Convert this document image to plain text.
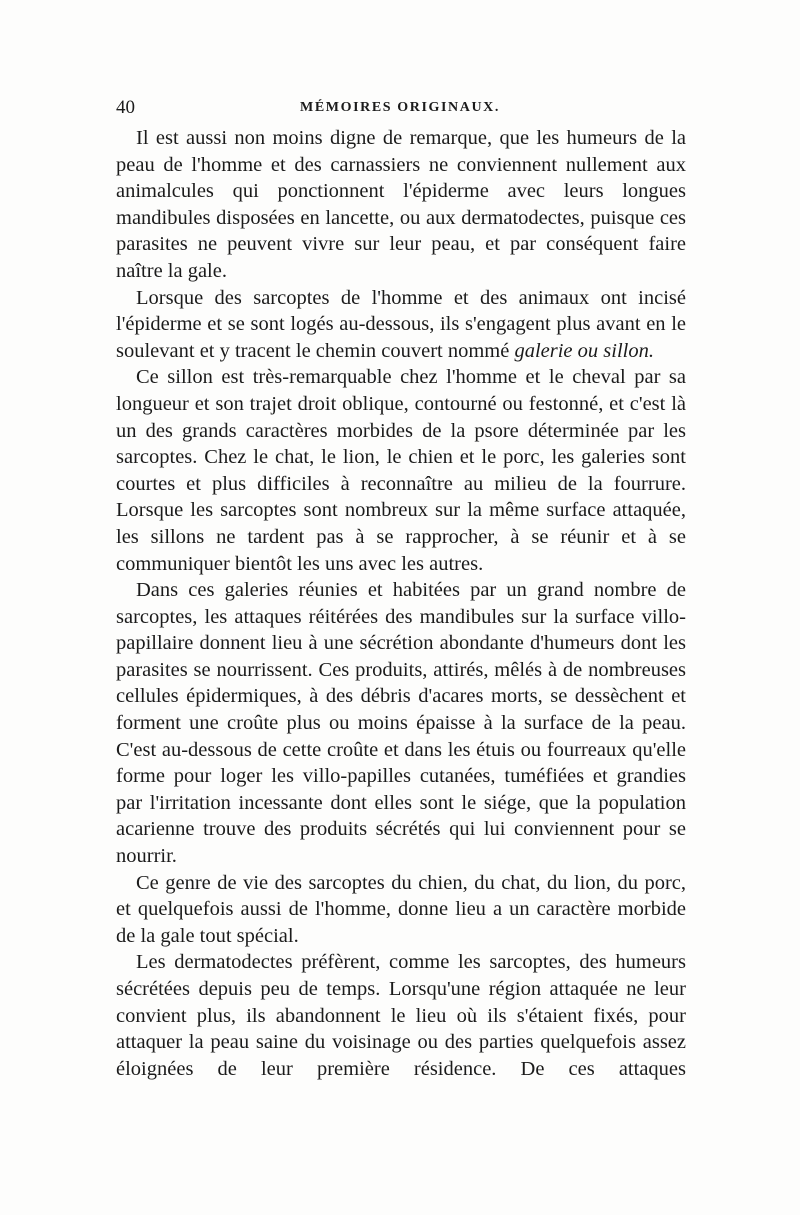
40	MÉMOIRES ORIGINAUX.

Il est aussi non moins digne de remarque, que les humeurs de la peau de l'homme et des carnassiers ne conviennent nullement aux animalcules qui ponctionnent l'épiderme avec leurs longues mandibules disposées en lancette, ou aux dermatodectes, puisque ces parasites ne peuvent vivre sur leur peau, et par conséquent faire naître la gale.

Lorsque des sarcoptes de l'homme et des animaux ont incisé l'épiderme et se sont logés au-dessous, ils s'engagent plus avant en le soulevant et y tracent le chemin couvert nommé galerie ou sillon.

Ce sillon est très-remarquable chez l'homme et le cheval par sa longueur et son trajet droit oblique, contourné ou festonné, et c'est là un des grands caractères morbides de la psore déterminée par les sarcoptes. Chez le chat, le lion, le chien et le porc, les galeries sont courtes et plus difficiles à reconnaître au milieu de la fourrure. Lorsque les sarcoptes sont nombreux sur la même surface attaquée, les sillons ne tardent pas à se rapprocher, à se réunir et à se communiquer bientôt les uns avec les autres.

Dans ces galeries réunies et habitées par un grand nombre de sarcoptes, les attaques réitérées des mandibules sur la surface villo-papillaire donnent lieu à une sécrétion abondante d'humeurs dont les parasites se nourrissent. Ces produits, attirés, mêlés à de nombreuses cellules épidermiques, à des débris d'acares morts, se dessèchent et forment une croûte plus ou moins épaisse à la surface de la peau. C'est au-dessous de cette croûte et dans les étuis ou fourreaux qu'elle forme pour loger les villo-papilles cutanées, tuméfiées et grandies par l'irritation incessante dont elles sont le siége, que la population acarienne trouve des produits sécrétés qui lui conviennent pour se nourrir.

Ce genre de vie des sarcoptes du chien, du chat, du lion, du porc, et quelquefois aussi de l'homme, donne lieu a un caractère morbide de la gale tout spécial.

Les dermatodectes préfèrent, comme les sarcoptes, des humeurs sécrétées depuis peu de temps. Lorsqu'une région attaquée ne leur convient plus, ils abandonnent le lieu où ils s'étaient fixés, pour attaquer la peau saine du voisinage ou des parties quelquefois assez éloignées de leur première résidence. De ces attaques
